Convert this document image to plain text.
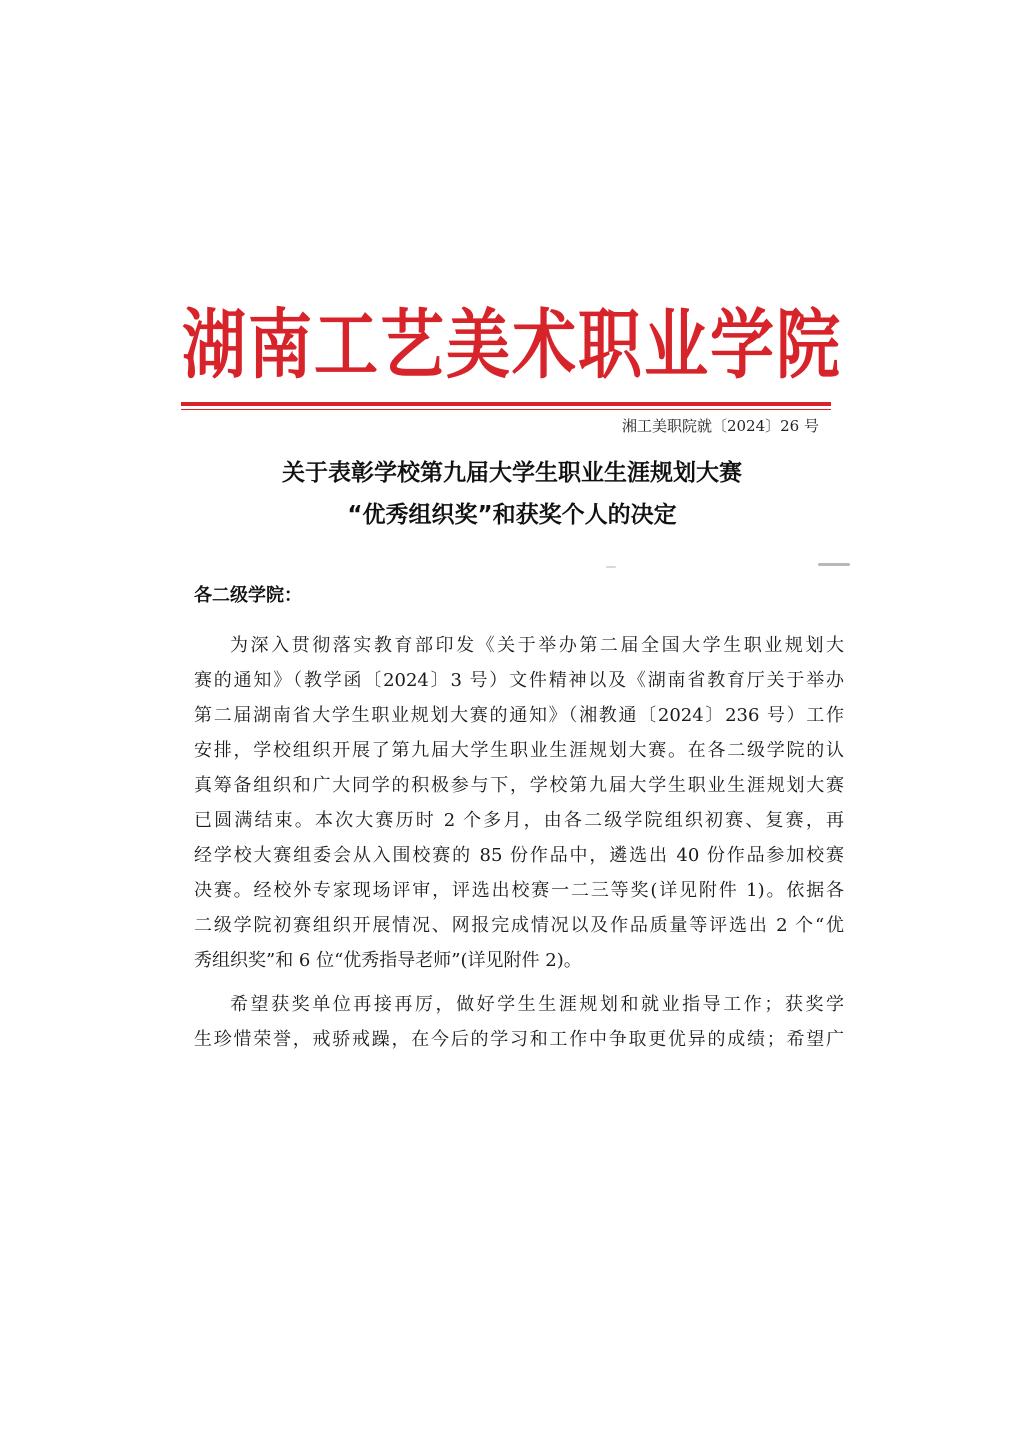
湖南工艺美术职业学院
湘工美职院就〔2024〕26 号
关于表彰学校第九届大学生职业生涯规划大赛
“优秀组织奖”和获奖个人的决定
各二级学院：

为深入贯彻落实教育部印发《关于举办第二届全国大学生职业规划大
赛的通知》（教学函〔2024〕3 号）文件精神以及《湖南省教育厅关于举办
第二届湖南省大学生职业规划大赛的通知》（湘教通〔2024〕236 号）工作
安排，学校组织开展了第九届大学生职业生涯规划大赛。在各二级学院的认
真筹备组织和广大同学的积极参与下，学校第九届大学生职业生涯规划大赛
已圆满结束。本次大赛历时 2 个多月，由各二级学院组织初赛、复赛，再
经学校大赛组委会从入围校赛的 85 份作品中，遴选出 40 份作品参加校赛
决赛。经校外专家现场评审，评选出校赛一二三等奖(详见附件 1)。依据各
二级学院初赛组织开展情况、网报完成情况以及作品质量等评选出 2 个“优
秀组织奖”和 6 位“优秀指导老师”(详见附件 2)。

希望获奖单位再接再厉，做好学生生涯规划和就业指导工作；获奖学
生珍惜荣誉，戒骄戒躁，在今后的学习和工作中争取更优异的成绩；希望广
